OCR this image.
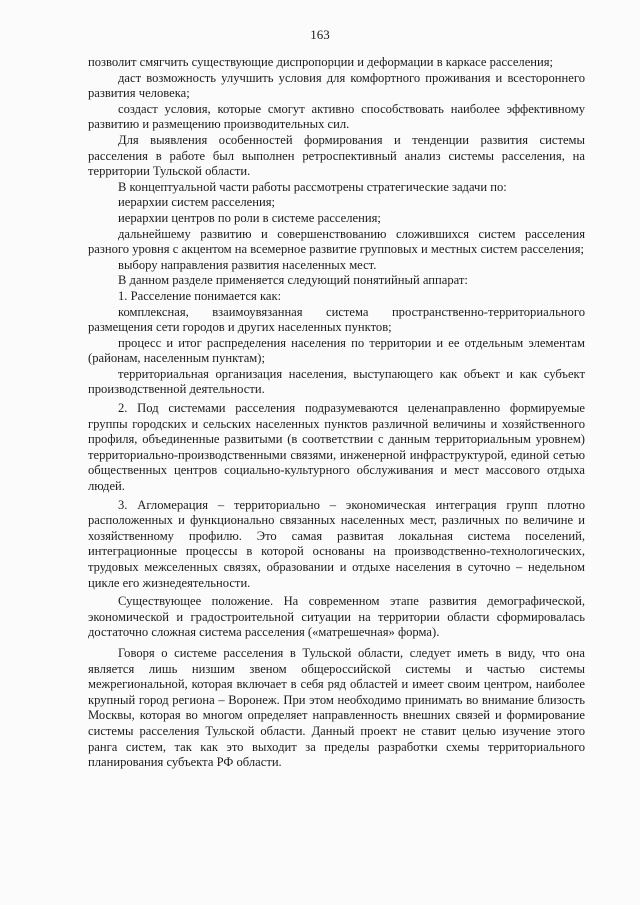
163

позволит смягчить существующие диспропорции и деформации в каркасе расселения;

даст возможность улучшить условия для комфортного проживания и всестороннего развития человека;

создаст условия, которые смогут активно способствовать наиболее эффективному развитию и размещению производительных сил.

Для выявления особенностей формирования и тенденции развития системы расселения в работе был выполнен ретроспективный анализ системы расселения, на территории Тульской области.

В концептуальной части работы рассмотрены стратегические задачи по:

иерархии систем расселения;

иерархии центров по роли в системе расселения;

дальнейшему развитию и совершенствованию сложившихся систем расселения разного уровня с акцентом на всемерное развитие групповых и местных систем расселения;

выбору направления развития населенных мест.

В данном разделе применяется следующий понятийный аппарат:

1. Расселение понимается как:

комплексная, взаимоувязанная система пространственно-территориального размещения сети городов и других населенных пунктов;

процесс и итог распределения населения по территории и ее отдельным элементам (районам, населенным пунктам);

территориальная организация населения, выступающего как объект и как субъект производственной деятельности.

2. Под системами расселения подразумеваются целенаправленно формируемые группы городских и сельских населенных пунктов различной величины и хозяйственного профиля, объединенные развитыми (в соответствии с данным территориальным уровнем) территориально-производственными связями, инженерной инфраструктурой, единой сетью общественных центров социально-культурного обслуживания и мест массового отдыха людей.

3. Агломерация – территориально – экономическая интеграция групп плотно расположенных и функционально связанных населенных мест, различных по величине и хозяйственному профилю. Это самая развитая локальная система поселений, интеграционные процессы в которой основаны на производственно-технологических, трудовых межселенных связях, образовании и отдыхе населения в суточно – недельном цикле его жизнедеятельности.

Существующее положение. На современном этапе развития демографической, экономической и градостроительной ситуации на территории области сформировалась достаточно сложная система расселения («матрешечная» форма).

Говоря о системе расселения в Тульской области, следует иметь в виду, что она является лишь низшим звеном общероссийской системы и частью системы межрегиональной, которая включает в себя ряд областей и имеет своим центром, наиболее крупный город региона – Воронеж. При этом необходимо принимать во внимание близость Москвы, которая во многом определяет направленность внешних связей и формирование системы расселения Тульской области. Данный проект не ставит целью изучение этого ранга систем, так как это выходит за пределы разработки схемы территориального планирования субъекта РФ области.
